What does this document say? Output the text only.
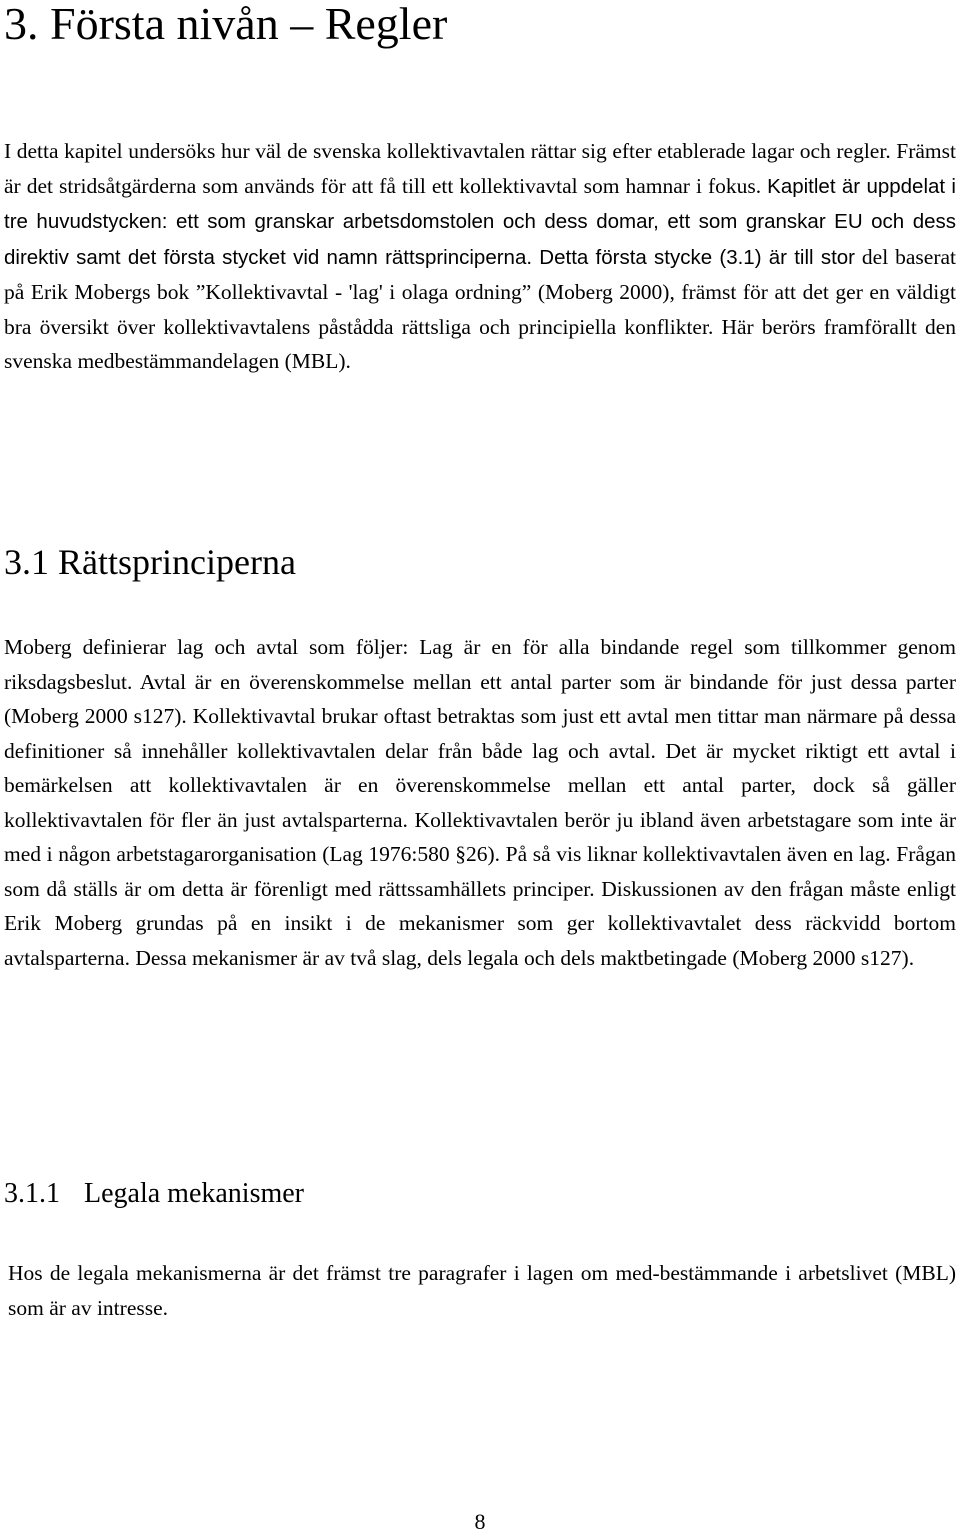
3. Första nivån – Regler

I detta kapitel undersöks hur väl de svenska kollektivavtalen rättar sig efter etablerade lagar och regler. Främst är det stridsåtgärderna som används för att få till ett kollektivavtal som hamnar i fokus. Kapitlet är uppdelat i tre huvudstycken: ett som granskar arbetsdomstolen och dess domar, ett som granskar EU och dess direktiv samt det första stycket vid namn rättsprinciperna. Detta första stycke (3.1) är till stor del baserat på Erik Mobergs bok ”Kollektivavtal - 'lag' i olaga ordning” (Moberg 2000), främst för att det ger en väldigt bra översikt över kollektivavtalens påstådda rättsliga och principiella konflikter. Här berörs framförallt den svenska medbestämmandelagen (MBL).

3.1 Rättsprinciperna

Moberg definierar lag och avtal som följer: Lag är en för alla bindande regel som tillkommer genom riksdagsbeslut. Avtal är en överenskommelse mellan ett antal parter som är bindande för just dessa parter (Moberg 2000 s127). Kollektivavtal brukar oftast betraktas som just ett avtal men tittar man närmare på dessa definitioner så innehåller kollektivavtalen delar från både lag och avtal. Det är mycket riktigt ett avtal i bemärkelsen att kollektivavtalen är en överenskommelse mellan ett antal parter, dock så gäller kollektivavtalen för fler än just avtalsparterna. Kollektivavtalen berör ju ibland även arbetstagare som inte är med i någon arbetstagarorganisation (Lag 1976:580 §26). På så vis liknar kollektivavtalen även en lag. Frågan som då ställs är om detta är förenligt med rättssamhällets principer. Diskussionen av den frågan måste enligt Erik Moberg grundas på en insikt i de mekanismer som ger kollektivavtalet dess räckvidd bortom avtalsparterna. Dessa mekanismer är av två slag, dels legala och dels maktbetingade (Moberg 2000 s127).

3.1.1 Legala mekanismer

Hos de legala mekanismerna är det främst tre paragrafer i lagen om med-bestämmande i arbetslivet (MBL) som är av intresse.

8
